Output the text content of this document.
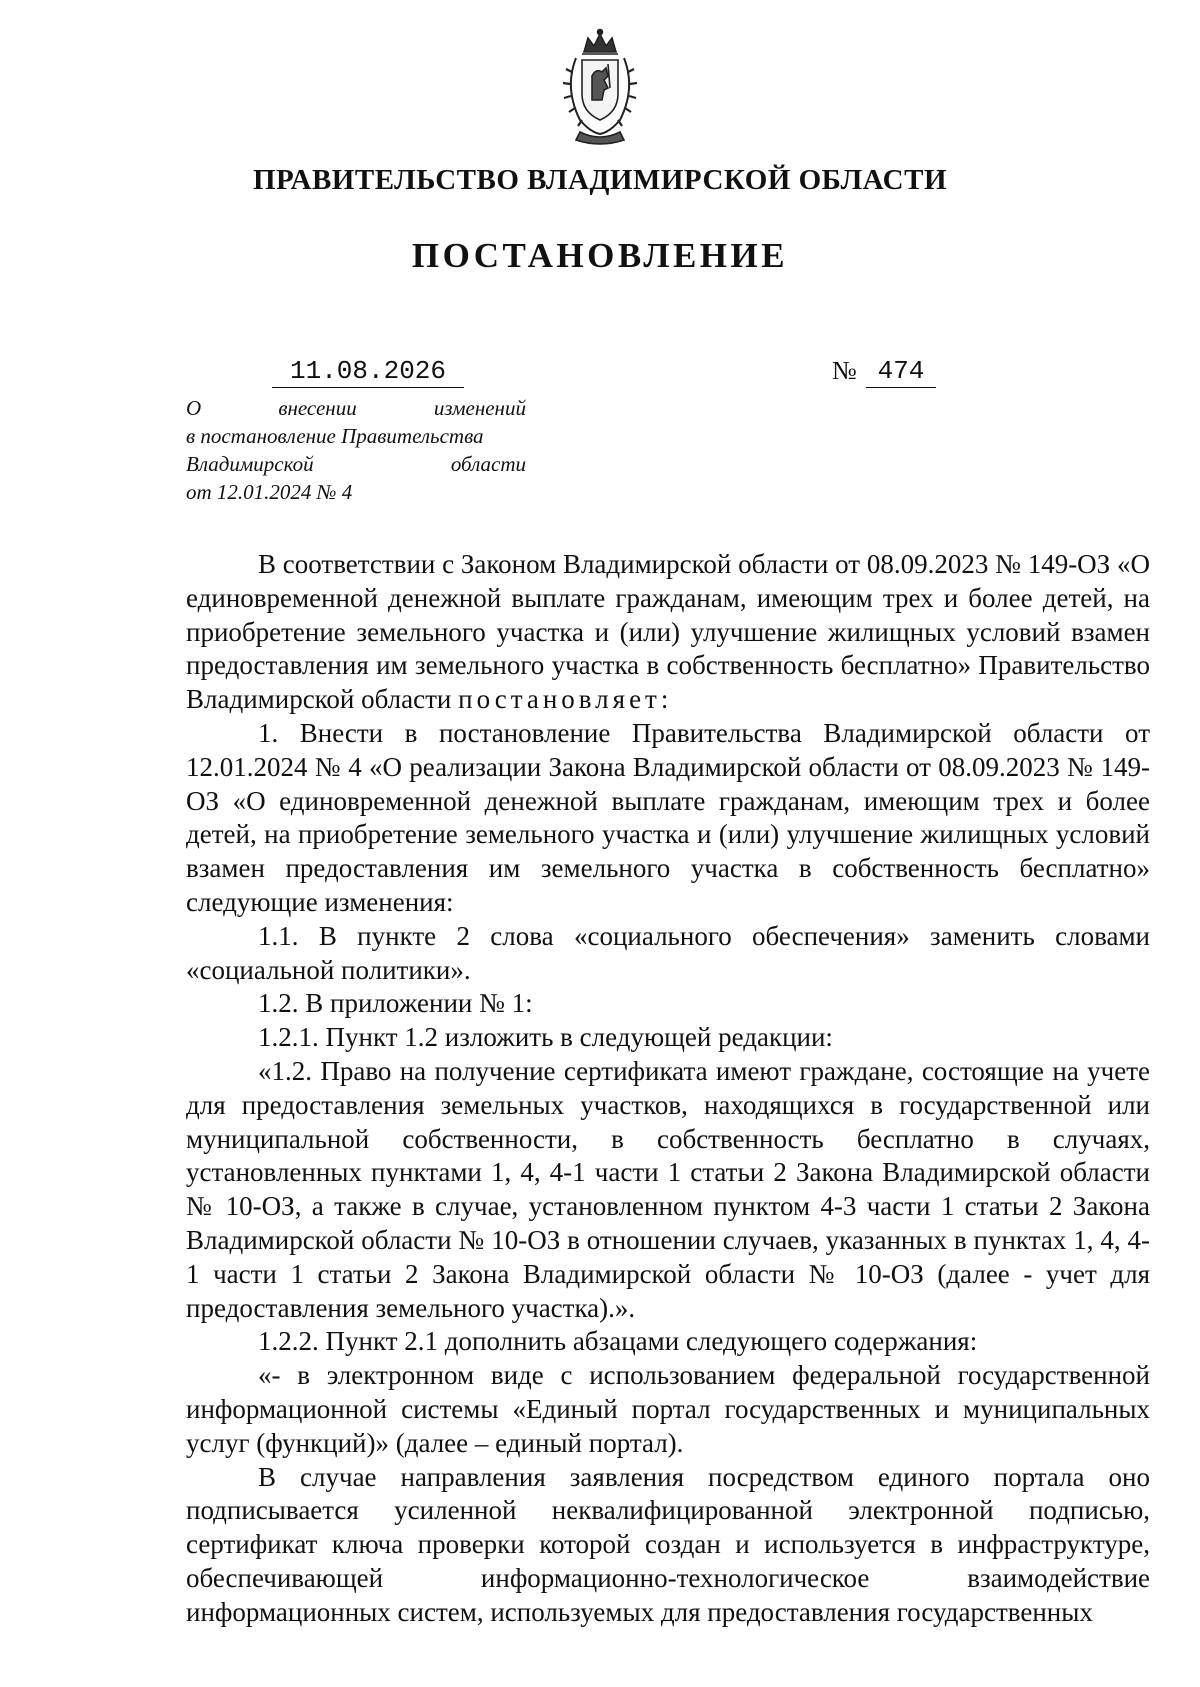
ПРАВИТЕЛЬСТВО ВЛАДИМИРСКОЙ ОБЛАСТИ
ПОСТАНОВЛЕНИЕ
11.08.2026	№ 474
О	внесении	изменений
в постановление Правительства
Владимирской	области
от 12.01.2024 № 4

В соответствии с Законом Владимирской области от 08.09.2023 № 149-ОЗ «О единовременной денежной выплате гражданам, имеющим трех и более детей, на приобретение земельного участка и (или) улучшение жилищных условий взамен предоставления им земельного участка в собственность бесплатно» Правительство Владимирской области постановляет:

1. Внести в постановление Правительства Владимирской области от 12.01.2024 № 4 «О реализации Закона Владимирской области от 08.09.2023 № 149-ОЗ «О единовременной денежной выплате гражданам, имеющим трех и более детей, на приобретение земельного участка и (или) улучшение жилищных условий взамен предоставления им земельного участка в собственность бесплатно» следующие изменения:

1.1. В пункте 2 слова «социального обеспечения» заменить словами «социальной политики».

1.2. В приложении № 1:

1.2.1. Пункт 1.2 изложить в следующей редакции:

«1.2. Право на получение сертификата имеют граждане, состоящие на учете для предоставления земельных участков, находящихся в государственной или муниципальной собственности, в собственность бесплатно в случаях, установленных пунктами 1, 4, 4-1 части 1 статьи 2 Закона Владимирской области № 10-ОЗ, а также в случае, установленном пунктом 4-3 части 1 статьи 2 Закона Владимирской области № 10-ОЗ в отношении случаев, указанных в пунктах 1, 4, 4-1 части 1 статьи 2 Закона Владимирской области № 10-ОЗ (далее - учет для предоставления земельного участка).».

1.2.2. Пункт 2.1 дополнить абзацами следующего содержания:

«- в электронном виде с использованием федеральной государственной информационной системы «Единый портал государственных и муниципальных услуг (функций)» (далее – единый портал).

В случае направления заявления посредством единого портала оно подписывается усиленной неквалифицированной электронной подписью, сертификат ключа проверки которой создан и используется в инфраструктуре, обеспечивающей информационно-технологическое взаимодействие информационных систем, используемых для предоставления государственных
